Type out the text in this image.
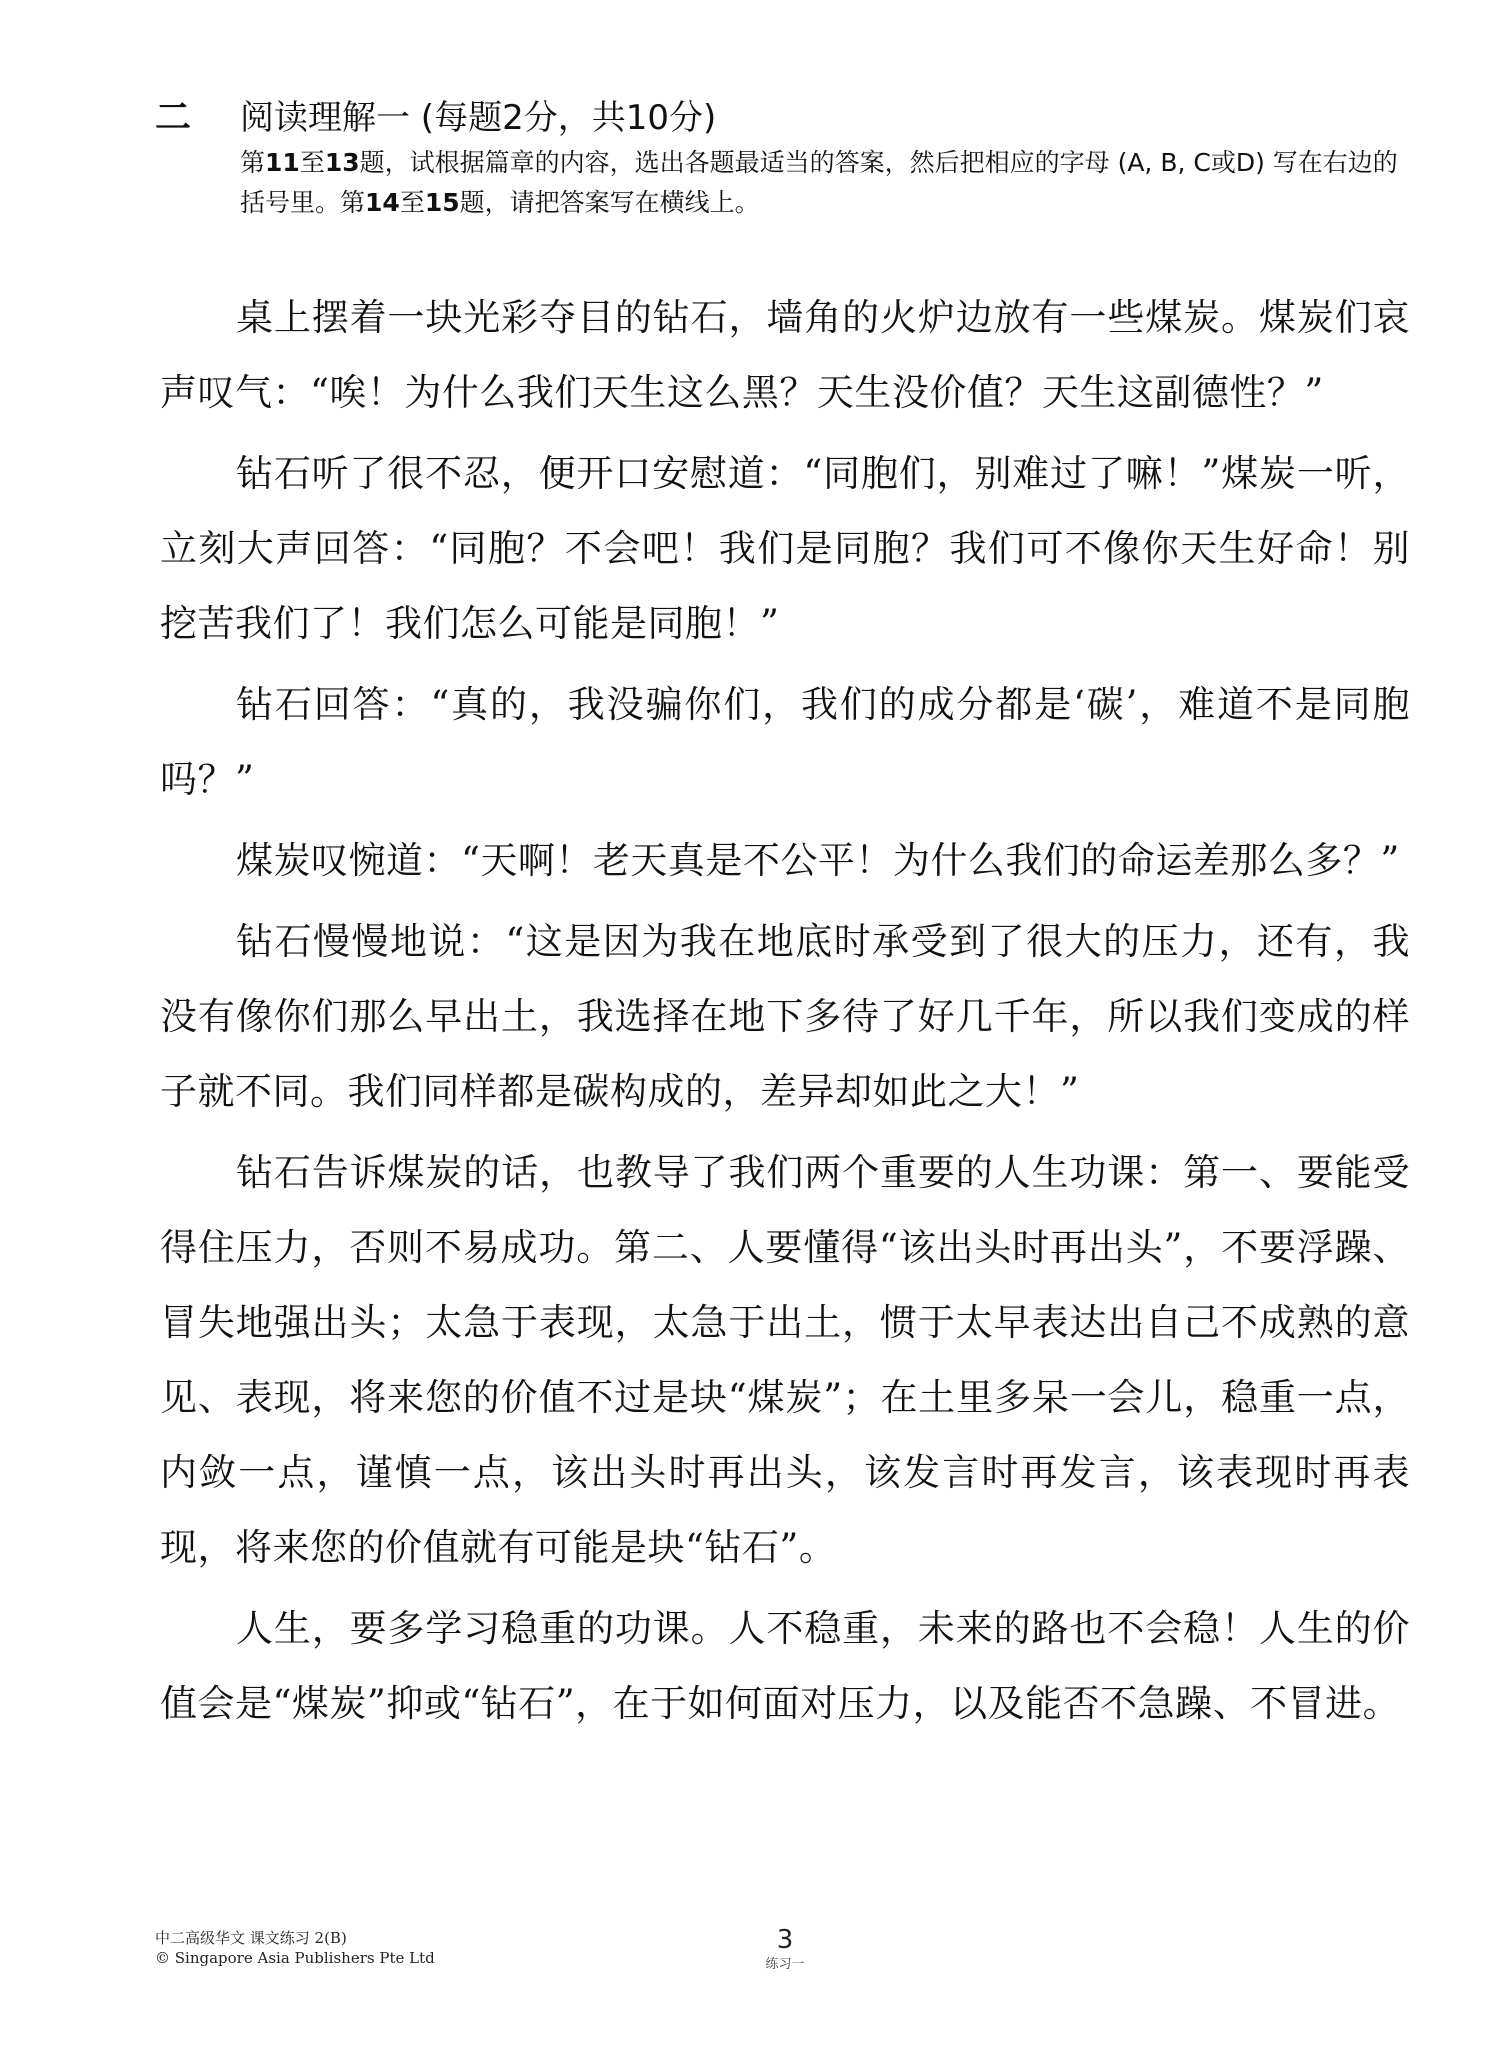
二	阅读理解一 (每题2分，共10分)
第11至13题，试根据篇章的内容，选出各题最适当的答案，然后把相应的字母 (A, B, C或D) 写在右边的括号里。第14至15题，请把答案写在横线上。

桌上摆着一块光彩夺目的钻石，墙角的火炉边放有一些煤炭。煤炭们哀声叹气：“唉！为什么我们天生这么黑？天生没价值？天生这副德性？”

钻石听了很不忍，便开口安慰道：“同胞们，别难过了嘛！”煤炭一听，立刻大声回答：“同胞？不会吧！我们是同胞？我们可不像你天生好命！别挖苦我们了！我们怎么可能是同胞！”

钻石回答：“真的，我没骗你们，我们的成分都是‘碳’，难道不是同胞吗？”

煤炭叹惋道：“天啊！老天真是不公平！为什么我们的命运差那么多？”

钻石慢慢地说：“这是因为我在地底时承受到了很大的压力，还有，我没有像你们那么早出土，我选择在地下多待了好几千年，所以我们变成的样子就不同。我们同样都是碳构成的，差异却如此之大！”

钻石告诉煤炭的话，也教导了我们两个重要的人生功课：第一、要能受得住压力，否则不易成功。第二、人要懂得“该出头时再出头”，不要浮躁、冒失地强出头；太急于表现，太急于出土，惯于太早表达出自己不成熟的意见、表现，将来您的价值不过是块“煤炭”；在土里多呆一会儿，稳重一点，内敛一点，谨慎一点，该出头时再出头，该发言时再发言，该表现时再表现，将来您的价值就有可能是块“钻石”。

人生，要多学习稳重的功课。人不稳重，未来的路也不会稳！人生的价值会是“煤炭”抑或“钻石”，在于如何面对压力，以及能否不急躁、不冒进。

中二高级华文 课文练习 2(B)
© Singapore Asia Publishers Pte Ltd
3
练习一
